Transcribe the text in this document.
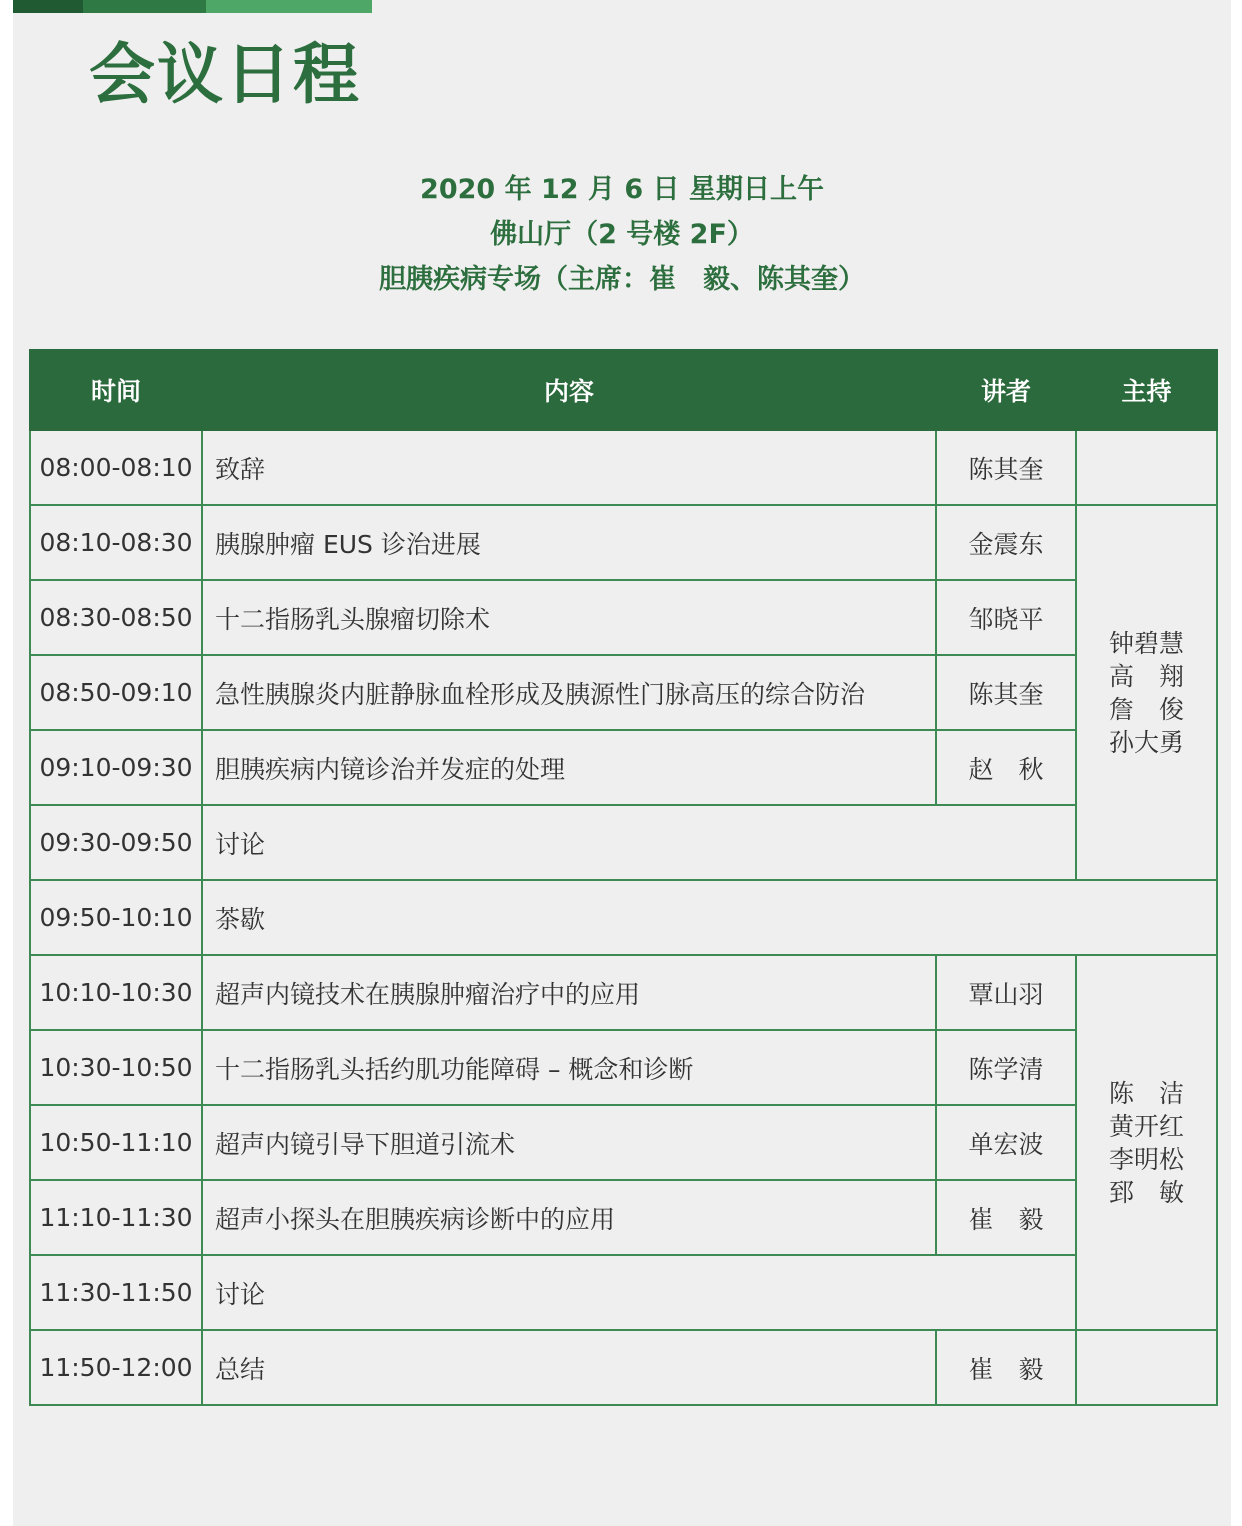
会议日程
2020 年 12 月 6 日 星期日上午
佛山厅（2 号楼 2F）
胆胰疾病专场（主席：崔　毅、陈其奎）
时间	内容	讲者	主持
08:00-08:10	致辞	陈其奎	
08:10-08:30	胰腺肿瘤 EUS 诊治进展	金震东	钟碧慧
高　翔
詹　俊
孙大勇

08:30-08:50	十二指肠乳头腺瘤切除术	邹晓平	
08:50-09:10	急性胰腺炎内脏静脉血栓形成及胰源性门脉高压的综合防治	陈其奎	
09:10-09:30	胆胰疾病内镜诊治并发症的处理	赵　秋	
09:30-09:50	讨论		
09:50-10:10	茶歇		
10:10-10:30	超声内镜技术在胰腺肿瘤治疗中的应用	覃山羽	陈　洁
黄开红
李明松
郅　敏

10:30-10:50	十二指肠乳头括约肌功能障碍 – 概念和诊断	陈学清	
10:50-11:10	超声内镜引导下胆道引流术	单宏波	
11:10-11:30	超声小探头在胆胰疾病诊断中的应用	崔　毅	
11:30-11:50	讨论		
11:50-12:00	总结	崔　毅	
